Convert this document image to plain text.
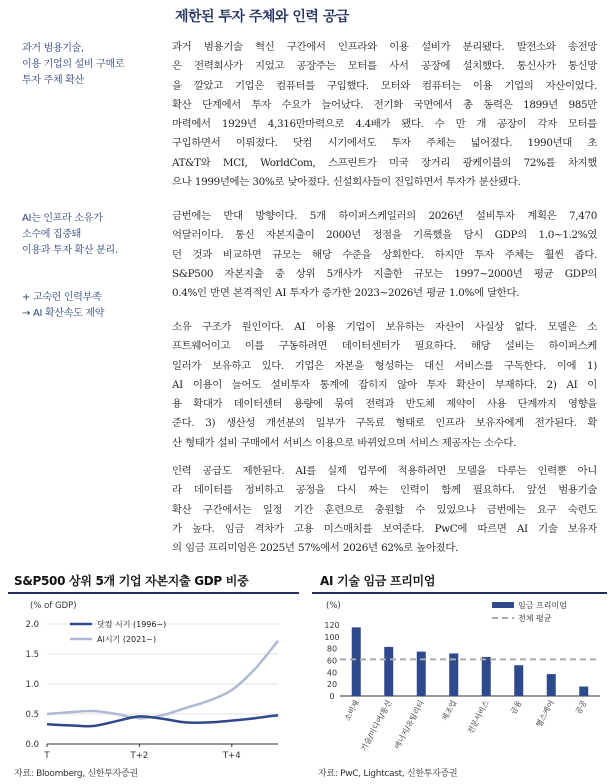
제한된 투자 주체와 인력 공급
과거 범용기술,
이용 기업의 설비 구매로
투자 주체 확산
AI는 인프라 소유가
소수에 집중돼
이용과 투자 확산 분리.
+ 고숙련 인력부족
→ AI 확산속도 제약
과거 범용기술 혁신 구간에서 인프라와 이용 설비가 분리됐다. 발전소와 송전망
은 전력회사가 지었고 공장주는 모터를 사서 공장에 설치했다. 통신사가 통신망
을 깔았고 기업은 컴퓨터를 구입했다. 모터와 컴퓨터는 이용 기업의 자산이었다.
확산 단계에서 투자 수요가 늘어났다. 전기화 국면에서 총 동력은 1899년 985만
마력에서 1929년 4,316만마력으로 4.4배가 됐다. 수 만 개 공장이 각자 모터를
구입하면서 이뤄졌다. 닷컴 시기에서도 투자 주체는 넓어졌다. 1990년대 초
AT&T와 MCI, WorldCom, 스프린트가 미국 장거리 광케이블의 72%를 차지했
으나 1999년에는 30%로 낮아졌다. 신설회사들이 진입하면서 투자가 분산됐다.
금번에는 반대 방향이다. 5개 하이퍼스케일러의 2026년 설비투자 계획은 7,470
억달러이다. 통신 자본지출이 2000년 정점을 기록했을 당시 GDP의 1.0~1.2%였
던 것과 비교하면 규모는 해당 수준을 상회한다. 하지만 투자 주체는 훨씬 좁다.
S&P500 자본지출 중 상위 5개사가 지출한 규모는 1997~2000년 평균 GDP의
0.4%인 반면 본격적인 AI 투자가 증가한 2023~2026년 평균 1.0%에 달한다.
소유 구조가 원인이다. AI 이용 기업이 보유하는 자산이 사실상 없다. 모델은 소
프트웨어이고 이를 구동하려면 데이터센터가 필요하다. 해당 설비는 하이퍼스케
일러가 보유하고 있다. 기업은 자본을 형성하는 대신 서비스를 구독한다. 이에 1)
AI 이용이 늘어도 설비투자 통계에 잡히지 않아 투자 확산이 부재하다. 2) AI 이
용 확대가 데이터센터 용량에 묶여 전력과 반도체 제약이 사용 단계까지 영향을
준다. 3) 생산성 개선분의 일부가 구독료 형태로 인프라 보유자에게 전가된다. 확
산 형태가 설비 구매에서 서비스 이용으로 바뀌었으며 서비스 제공자는 소수다.
인력 공급도 제한된다. AI를 실제 업무에 적용하려면 모델을 다루는 인력뿐 아니
라 데이터를 정비하고 공정을 다시 짜는 인력이 함께 필요하다. 앞선 범용기술
확산 구간에서는 일정 기간 훈련으로 충원할 수 있었으나 금번에는 요구 숙련도
가 높다. 임금 격차가 고용 미스매치를 보여준다. PwC에 따르면 AI 기술 보유자
의 임금 프리미엄은 2025년 57%에서 2026년 62%로 높아졌다.
S&P500 상위 5개 기업 자본지출 GDP 비중
(% of GDP)
2.0
1.5
1.0
0.5
0.0
T	T+2	T+4
닷컴 시기 (1996~)
AI시기 (2021~)
자료: Bloomberg, 신한투자증권
AI 기술 임금 프리미엄
(%)
120
100
80
60
40
20
0
소비재
기술/미디어/통신 에너지/유틸리티 제조업 전문서비스 금융 헬스케어 공공
임금 프리미엄
전체 평균
자료: PwC, Lightcast, 신한투자증권
